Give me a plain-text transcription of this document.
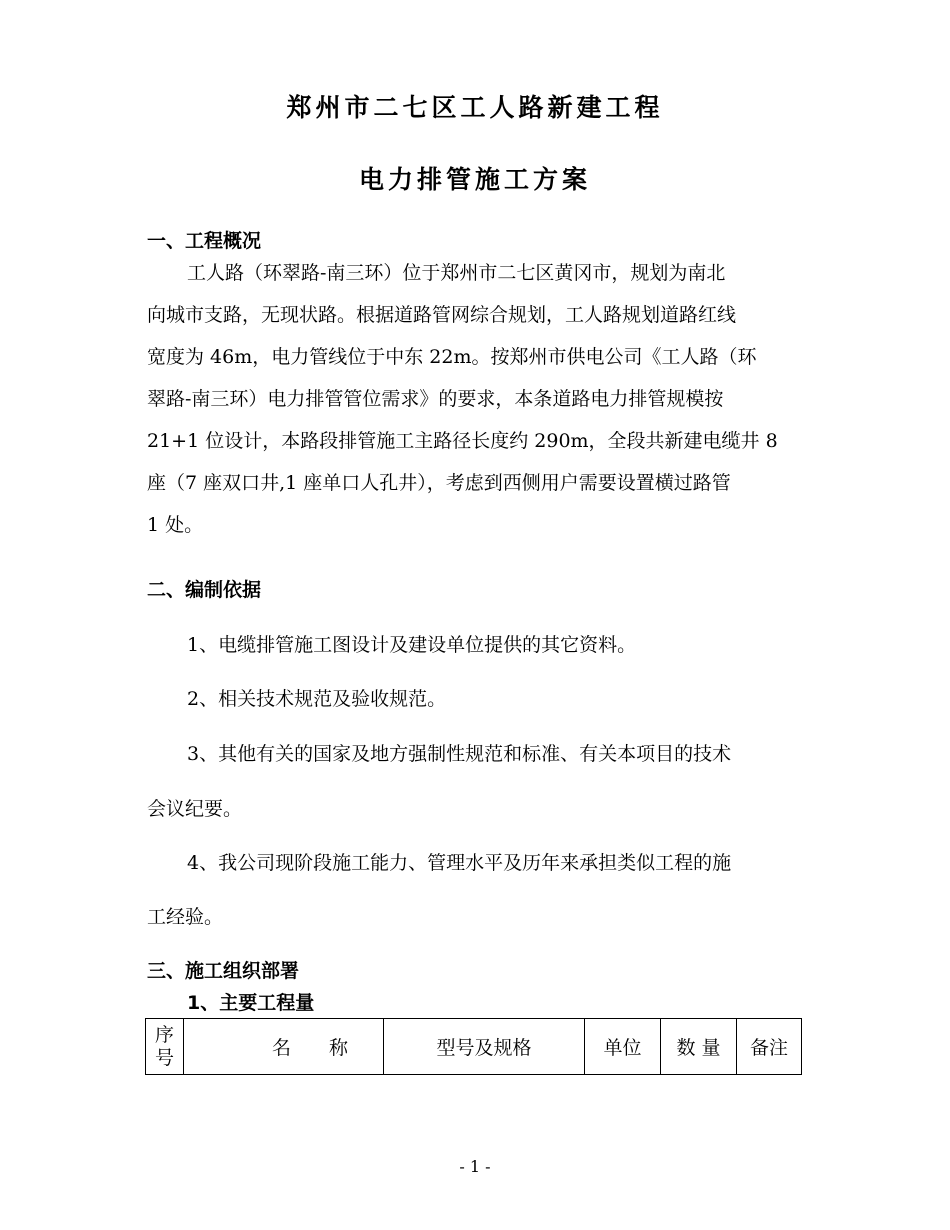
郑州市二七区工人路新建工程
电力排管施工方案
一、工程概况
工人路（环翠路-南三环）位于郑州市二七区黄冈市，规划为南北
向城市支路，无现状路。根据道路管网综合规划，工人路规划道路红线
宽度为 46m，电力管线位于中东 22m。按郑州市供电公司《工人路（环
翠路-南三环）电力排管管位需求》的要求，本条道路电力排管规模按
21+1 位设计，本路段排管施工主路径长度约 290m，全段共新建电缆井 8
座（7 座双口井,1 座单口人孔井），考虑到西侧用户需要设置横过路管
1 处。
二、编制依据
1、电缆排管施工图设计及建设单位提供的其它资料。
2、相关技术规范及验收规范。
3、其他有关的国家及地方强制性规范和标准、有关本项目的技术
会议纪要。
4、我公司现阶段施工能力、管理水平及历年来承担类似工程的施
工经验。
三、施工组织部署
1、主要工程量
序
号	名　　称	型号及规格	单位	数 量	备注
- 1 -
